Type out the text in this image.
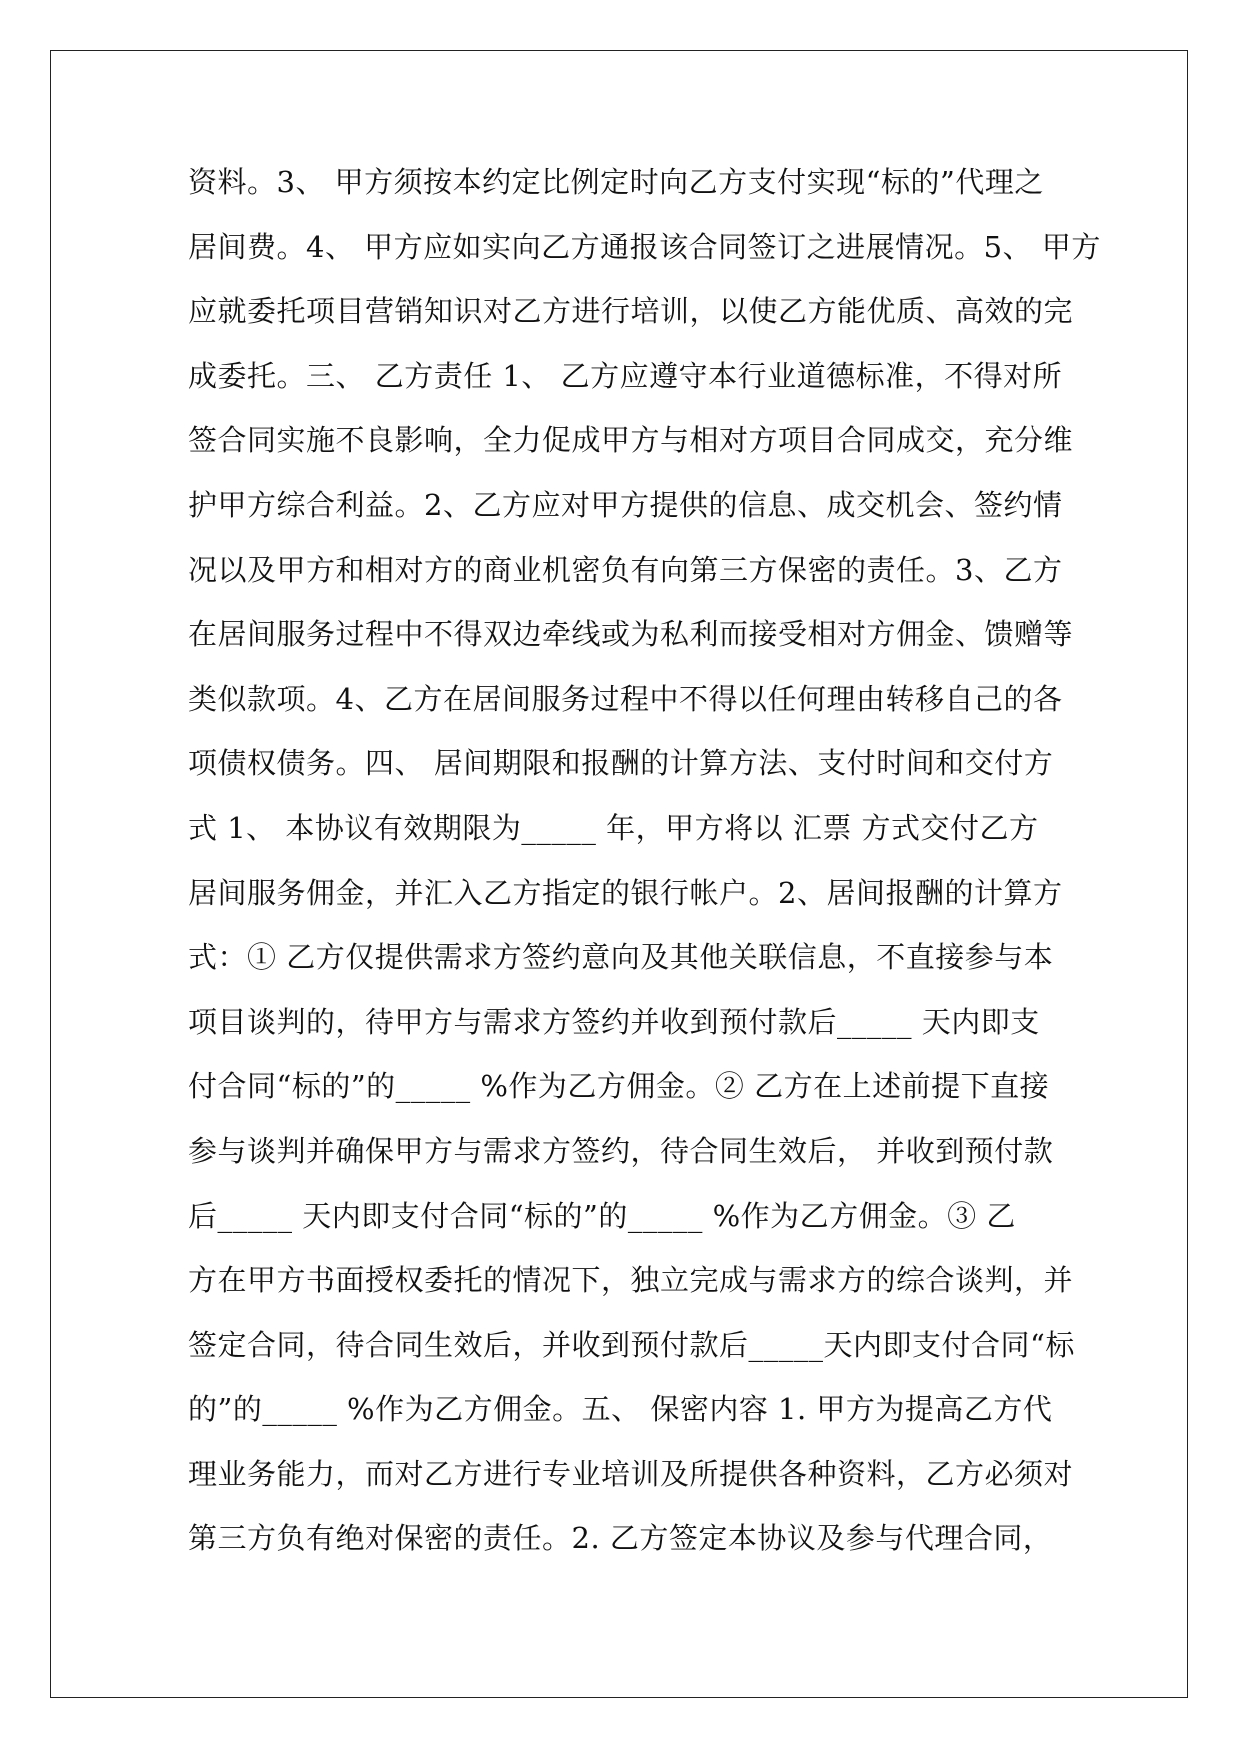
资料。3、 甲方须按本约定比例定时向乙方支付实现“标的”代理之
居间费。4、 甲方应如实向乙方通报该合同签订之进展情况。5、 甲方
应就委托项目营销知识对乙方进行培训，以使乙方能优质、高效的完
成委托。三、 乙方责任 1、 乙方应遵守本行业道德标准，不得对所
签合同实施不良影响，全力促成甲方与相对方项目合同成交，充分维
护甲方综合利益。2、乙方应对甲方提供的信息、成交机会、签约情
况以及甲方和相对方的商业机密负有向第三方保密的责任。3、乙方
在居间服务过程中不得双边牵线或为私利而接受相对方佣金、馈赠等
类似款项。4、乙方在居间服务过程中不得以任何理由转移自己的各
项债权债务。四、 居间期限和报酬的计算方法、支付时间和交付方
式 1、 本协议有效期限为_____ 年，甲方将以 汇票 方式交付乙方
居间服务佣金，并汇入乙方指定的银行帐户。2、居间报酬的计算方
式：① 乙方仅提供需求方签约意向及其他关联信息，不直接参与本
项目谈判的，待甲方与需求方签约并收到预付款后_____ 天内即支
付合同“标的”的_____ %作为乙方佣金。② 乙方在上述前提下直接
参与谈判并确保甲方与需求方签约，待合同生效后， 并收到预付款
后_____ 天内即支付合同“标的”的_____ %作为乙方佣金。③ 乙
方在甲方书面授权委托的情况下，独立完成与需求方的综合谈判，并
签定合同，待合同生效后，并收到预付款后_____天内即支付合同“标
的”的_____ %作为乙方佣金。五、 保密内容 1. 甲方为提高乙方代
理业务能力，而对乙方进行专业培训及所提供各种资料，乙方必须对
第三方负有绝对保密的责任。2. 乙方签定本协议及参与代理合同，
